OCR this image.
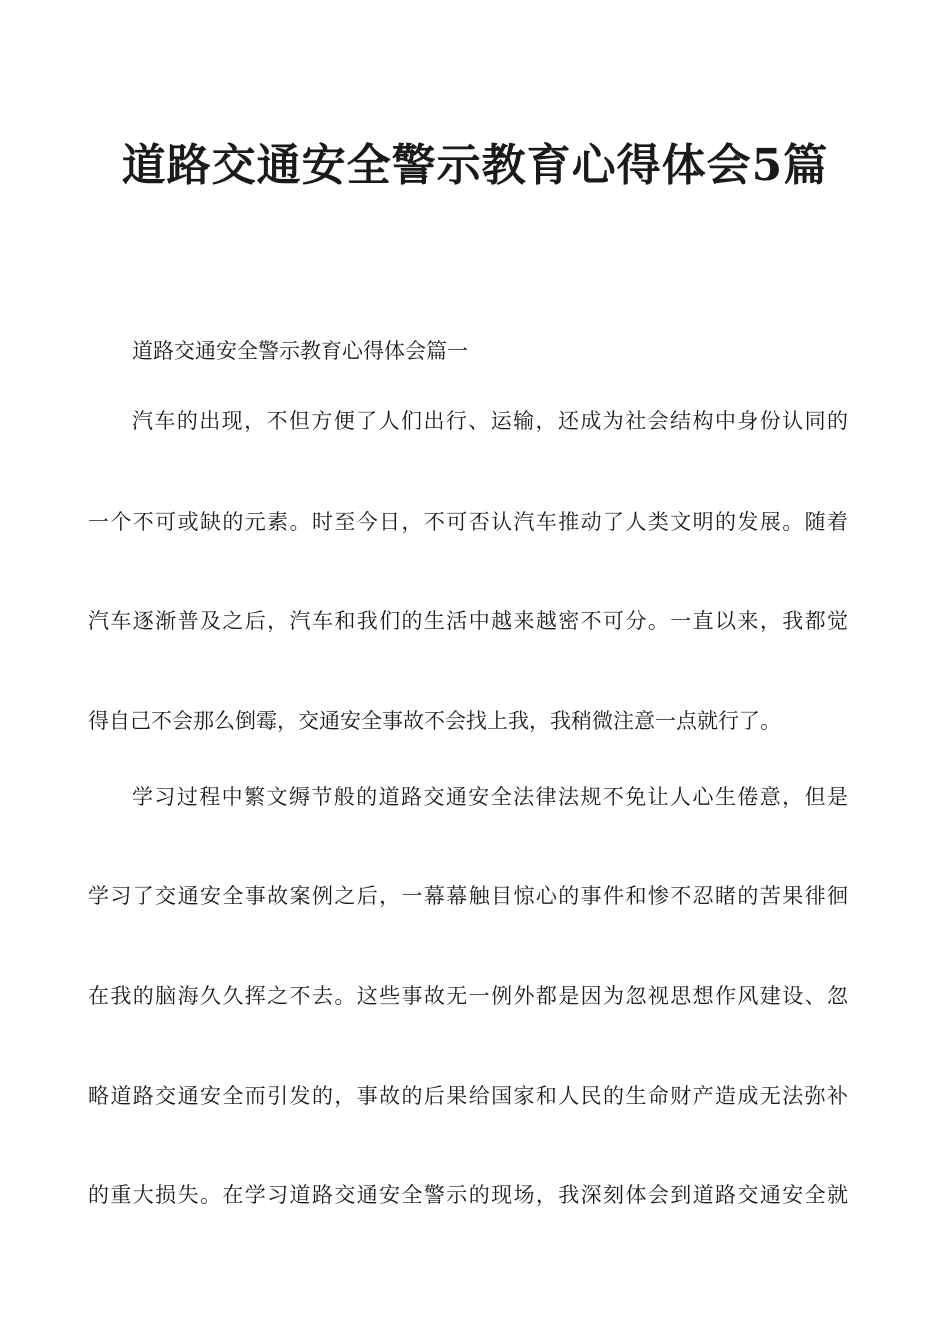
道路交通安全警示教育心得体会5篇

道路交通安全警示教育心得体会篇一

汽车的出现，不但方便了人们出行、运输，还成为社会结构中身份认同的

一个不可或缺的元素。时至今日，不可否认汽车推动了人类文明的发展。随着

汽车逐渐普及之后，汽车和我们的生活中越来越密不可分。一直以来，我都觉

得自己不会那么倒霉，交通安全事故不会找上我，我稍微注意一点就行了。

学习过程中繁文缛节般的道路交通安全法律法规不免让人心生倦意，但是

学习了交通安全事故案例之后，一幕幕触目惊心的事件和惨不忍睹的苦果徘徊

在我的脑海久久挥之不去。这些事故无一例外都是因为忽视思想作风建设、忽

略道路交通安全而引发的，事故的后果给国家和人民的生命财产造成无法弥补

的重大损失。在学习道路交通安全警示的现场，我深刻体会到道路交通安全就
